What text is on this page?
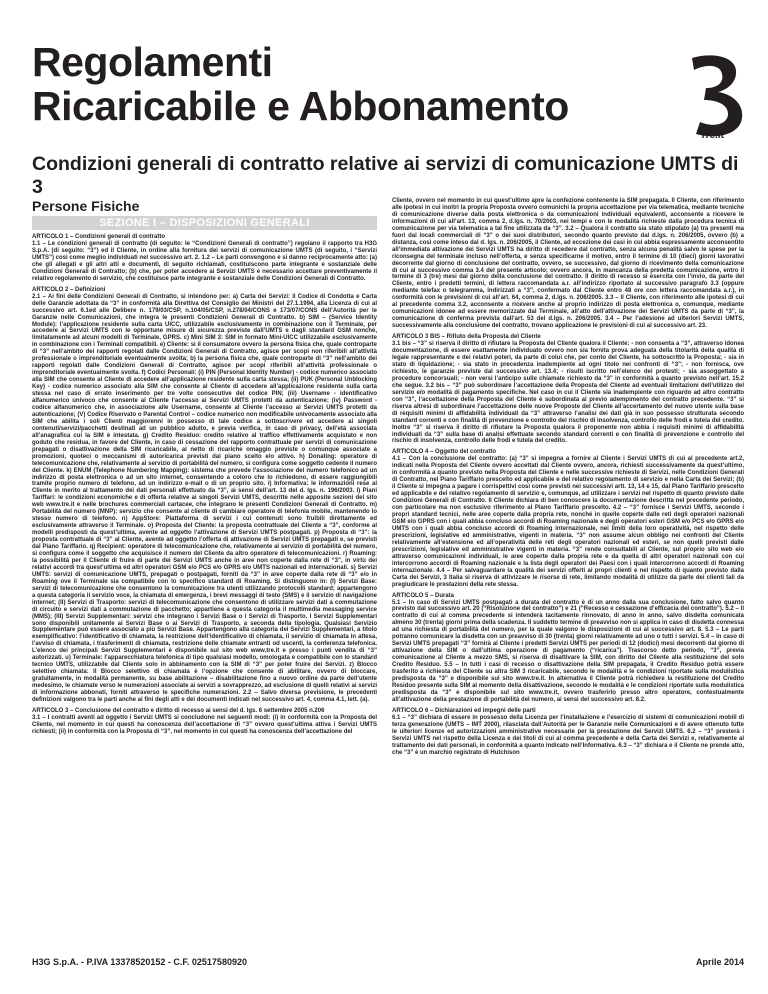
Regolamenti
Ricaricabile e Abbonamento
Tre.it
Condizioni generali di contratto relative ai servizi di comunicazione UMTS di 3
Persone Fisiche
SEZIONE I – DISPOSIZIONI GENERALI

ARTICOLO 1 – Condizioni generali di contratto

1.1 – Le condizioni generali di contratto (di seguito: le “Condizioni Generali di contratto”) regolano il rapporto tra H3G S.p.A. (di seguito: “3”) ed il Cliente, in ordine alla fornitura dei servizi di comunicazione UMTS (di seguito, i “Servizi UMTS”) così come meglio individuati nel successivo art. 2. 1.2 – Le parti convengono e si danno reciprocamente atto: (a) che gli allegati e gli altri atti e documenti, di seguito richiamati, costituiscono parte integrante e sostanziale delle Condizioni Generali di Contratto; (b) che, per poter accedere ai Servizi UMTS è necessario accettare preventivamente il relativo regolamento di servizio, che costituisce parte integrante e sostanziale delle Condizioni Generali di Contratto.

ARTICOLO 2 – Definizioni

2.1 – Ai fini delle Condizioni Generali di Contratto, si intendono per: a) Carta dei Servizi: il Codice di Condotta e Carta delle Garanzie adottata da “3” in conformità alla Direttiva del Consiglio dei Ministri del 27.1.1994, alla Licenza di cui al successivo art. 6.1ed alle Delibere n. 179/03/CSP, n.104/05/CSP, n.278/04/CONS e 173/07/CONS dell’Autorità per le Garanzie nelle Comunicazioni, che integra le presenti Condizioni Generali di Contratto. b) SIM – (Service Identity Module): l’applicazione residente sulla carta UICC, utilizzabile esclusivamente in combinazione con il Terminale, per accedere ai Servizi UMTS con le opportune misure di sicurezza previste dall’UMTS e dagli standard GSM nonché, limitatamente ad alcuni modelli di Terminale, GPRS. c) Mini SIM 3: SIM in formato Mini-UICC utilizzabile esclusivamente in combinazione con i Terminali compatibili. e) Cliente: sì il consumatore ovvero la persona fisica che, quale controparte di “3” nell’ambito dei rapporti regolati dalle Condizioni Generali di Contratto, agisce per scopi non riferibili all’attività professionale o imprenditoriale eventualmente svolta; b) la persona fisica che, quale controparte di “3” nell’ambito dei rapporti regolati dalle Condizioni Generali di Contratto, agisce per scopi riferibili all’attività professionale o imprenditoriale eventualmente svolta. f) Codici Personali: (i) PIN (Personal Identity Number) - codice numerico associato alla SIM che consente al Cliente di accedere all’applicazione residente sulla carta stessa; (ii) PUK (Personal Unblocking Key) - codice numerico associato alla SIM che consente al Cliente di accedere all’applicazione residente sulla carta stessa nel caso di errato inserimento per tre volte consecutive del codice PIN; (iii) Username - identificativo alfanumerico univoco che consente al Cliente l’accesso ai Servizi UMTS protetti da autenticazione; (iv) Password - codice alfanumerico che, in associazione alle Username, consente al Cliente l’accesso ai Servizi UMTS protetti da autenticazione; (V) Codice Riservato o Parental Control – codice numerico non modificabile univocamente associato alla SIM che abilita i soli Clienti maggiorenni in possesso di tale codice a sottoscrivere ed accedere ai singoli contenuti/servizi/pacchetti destinati ad un pubblico adulto, e previa verifica, in caso di privacy, dell’età associata all’anagrafica cui la SIM è intestata. g) Credito Residuo: credito relativo al traffico effettivamente acquistato e non goduto che residua, in favore del Cliente, in caso di cessazione del rapporto contrattuale per servizi di comunicazione prepagati o disattivazione della SIM ricaricabile, al netto di ricariche omaggio previste o comunque associate a promozioni, quoteci o meccanismi di autoricarica previsti dal piano scelto e/o attivo. h) Donating: operatore di telecomunicazione che, relativamente al servizio di portabilità del numero, si configura come soggetto cedente il numero del Cliente. k) ENUM (Telephone Numbering Mapping): sistema che prevede l’associazione del numero telefonico ad un indirizzo di posta elettronica o ad un sito internet, consentendo a coloro che lo richiedono, di essere raggiungibili tramite proprio numero di telefono, ad un indirizzo e-mail o di un proprio sito. i) Informativa: le informazioni rese al Cliente in merito al trattamento dei dati personali effettuato da “3”, ai sensi dell’art. 13 del d. lgs. n. 196/2003. l) Piani Tariffari: le condizioni economiche e di offerta relative ai singoli Servizi UMTS, descritte nelle apposite sezioni del sito web www.tre.it e nelle brochures commerciali cartacee, che integrano le presenti Condizioni Generali di Contratto. m) Portabilità del numero (MNP): servizio che consente al cliente di cambiare operatore di telefonia mobile, mantenendo lo stesso numero di telefono. n) AppStore: Piattaforma di servizi i cui contenuti sono fruibili direttamente ed esclusivamente attraverso il Terminale. o) Proposta del Cliente: la proposta contrattuale del Cliente a “3”, conforme al modelli predisposti da quest’ultima, avente ad oggetto l’attivazione di Servizi UMTS postpagati. p) Proposta di “3”: la proposta contrattuale di “3” al Cliente, avente ad oggetto l’offerta di attivazione di Servizi UMTS prepagati e, se previsti dal Piano Tariffario. q) Recipient: operatore di telecomunicazione che, relativamente al servizio di portabilità del numero, si configura come il soggetto che acquisisce il numero del Cliente da altro operatore di telecomunicazioni. r) Roaming: la possibilità per il Cliente di fruire di parte dei Servizi UMTS anche in aree non coperte dalla rete di “3”, in virtù dei relativi accordi tra quest’ultima ed altri operatori GSM e/o PCS e/o GPRS e/o UMTS nazionali ed internazionali. s) Servizi UMTS: servizi di comunicazione UMTS, prepagati o postpagati, forniti da “3” in aree coperte dalla rete di “3” e/o in Roaming ove il Terminale sia compatibile con lo specifico standard di Roaming. Si distinguono in: (I) Servizi Base: servizi di telecomunicazione che consentono la comunicazione tra utenti utilizzando protocolli standard; appartengono a questa categoria il servizio voce, la chiamata di emergenza, i brevi messaggi di testo (SMS) e il servizio di navigazione internet; (II) Servizi di Trasporto: servizi di telecomunicazione che consentono di utilizzare servizi dati a commutazione di circuito e servizi dati a commutazione di pacchetto; appartiene a questa categoria il multimedia messaging service (MMS); (III) Servizi Supplementari: servizi che integrano i Servizi Base o i Servizi di Trasporto. I Servizi Supplementari sono disponibili unitamente ai Servizi Base o ai Servizi di Trasporto, a seconda della tipologia. Qualsiasi Servizio Supplementare può essere associato a più Servizi Base. Appartengono alla categoria dei Servizi Supplementari, a titolo esemplificativo: l’identificativo di chiamata, la restrizione dell’identificativo di chiamata, il servizio di chiamata in attesa, l’avviso di chiamata, i trasferimenti di chiamata, restrizione delle chiamate entranti od uscenti, la conferenza telefonica. L’elenco dei principali Servizi Supplementari è disponibile sul sito web www.tre.it e presso i punti vendita di “3” autorizzati. u) Terminale: l’apparecchiatura telefonica di tipo qualsiasi modello, omologata e compatibile con lo standard tecnico UMTS, utilizzabile dal Cliente solo in abbinamento con la SIM di “3” per poter fruire dei Servizi. z) Blocco selettivo chiamata: Il Blocco selettivo di chiamata è l’opzione che consente di abilitare, ovvero di bloccare, gratuitamente, in modalità permanente, su base abilitazione – disabilitazione fino a nuovo ordine da parte dell’utente medesimo, le chiamate verso le numerazioni associate ai servizi a sovrapprezzo, ad esclusione di quelli relativi ai servizi di informazione abbonati, forniti attraverso le specifiche numerazioni. 2.2 – Salvo diversa previsione, le precedenti definizioni valgono tra le parti anche ai fini degli atti e dei documenti indicati nel successivo art. 4, comma 4.1, lett. (a).

ARTICOLO 3 – Conclusione del contratto e diritto di recesso ai sensi del d. lgs. 6 settembre 2005 n.206

3.1 – I contratti aventi ad oggetto i Servizi UMTS si concludono nei seguenti modi: (i) in conformità con la Proposta del Cliente, nel momento in cui questi ha conoscenza dell’accettazione di “3” ovvero quest’ultima attiva i Servizi UMTS richiesti; (ii) in conformità con la Proposta di “3”, nel momento in cui questi ha conoscenza dell’accettazione del

Cliente, ovvero nel momento in cui quest’ultimo apre la confezione contenente la SIM prepagata. Il Cliente, con riferimento alle ipotesi in cui inoltri la propria Proposta ovvero comunichi la propria accettazione per via telematica, mediante tecniche di comunicazione diverse dalla posta elettronica o da comunicazioni individuali equivalenti, acconsente a ricevere le informazioni di cui all’art. 13, comma 2, d.lgs. n. 70/2003, nei tempi e con le modalità richieste dalla procedura tecnica di comunicazione per via telematica a tal fine utilizzata da “3”. 3.2 – Qualora il contratto sia stato stipulato (a) tra presenti ma fuori dai locali commerciali di “3” o dei suoi distributori, secondo quanto previsto dal d.lgs. n. 206/2005, ovvero (b) a distanza, così come inteso dal d. lgs. n. 206/2005, il Cliente, ad eccezione dei casi in cui abbia espressamente acconsentito all’immediata attivazione dei Servizi UMTS ha diritto di recedere dal contratto, senza alcuna penalità salvo le spese per la riconsegna del terminale incluso nell’offerta, e senza specificarne il motivo, entro il termine di 10 (dieci) giorni lavorativi decorrente dal giorno di conclusione del contratto, ovvero, se successivo, dal giorno di ricevimento della comunicazione di cui al successivo comma 3.4 del presente articolo; ovvero ancora, in mancanza della predetta comunicazione, entro il termine di 3 (tre) mesi dal giorno della conclusione del contratto. Il diritto di recesso si esercita con l’invio, da parte del Cliente, entro i predetti termini, di lettera raccomandata a.r. all’indirizzo riportato al successivo paragrafo 3.3 (oppure mediante telefax o telegramma, indirizzati a “3”, confermato dal Cliente entro 48 ore con lettera raccomandata a.r.), in conformità con le previsioni di cui all’art. 64, comma 2, d.lgs. n. 206/2005. 3.3 – Il Cliente, con riferimento alle ipotesi di cui al precedente comma 3.2, acconsente a ricevere anche al proprio indirizzo di posta elettronica o, comunque, mediante comunicazioni idonee ad essere memorizzate dal Terminale, all’atto dell’attivazione dei Servizi UMTS da parte di “3”, la comunicazione di conferma prevista dall’art. 53 del d.lgs. n. 206/2005. 3.4 – Per l’adesione ad ulteriori Servizi UMTS, successivamente alla conclusione del contratto, trovano applicazione le previsioni di cui al successivo art. 23.

ARTICOLO 3 BIS – Rifiuto della Proposta del Cliente

3.1 bis – “3” si riserva il diritto di rifiutare la Proposta del Cliente qualora il Cliente: - non consenta a “3”, attraverso idonea documentazione, di essere esattamente individuato ovvero non sia fornita prova adeguata della titolarità della qualità di legale rappresentante e dei relativi poteri, da parte di colui che, per conto del Cliente, ha sottoscritto la Proposta; - sia in stato di liquidazione; - sia stato in precedenza inadempiente ad ogni titolo nei confronti di “3”; - non fornisca, ove richiesto, le garanzie previste dal successivo art. 13.4; - risulti iscritto nell’elenco dei protesti; - sia assoggettato a procedure concorsuali; - non versi l’anticipo sulle chiamate richiesto da “3” in conformità a quanto previsto nell’art. 15.2 che segue. 3.2 bis – “3” può subordinare l’accettazione della Proposta del Cliente ad eventuali limitazioni dell’utilizzo del servizio e/o modalità di pagamento specifiche. Nel caso in cui il Cliente sia inadempiente con riguardo ad altro contratto con “3”, l’accettazione della Proposta del Cliente è subordinata al previo adempimento del contratto precedente. “3” si riserva altresì di subordinare l’accettazione delle nuove Proposte del Cliente all’accertamento del nuovo utente sulla base di requisiti minimi di affidabilità individuati da “3” attraverso l’analisi dei dati già in suo possesso strutturata secondo standard correnti e con finalità di prevenzione e controllo del rischio di insolvenza, controllo delle frodi e tutela del credito. Inoltre “3” si riserva il diritto di rifiutare la Proposta qualora il proponente non abbia i requisiti minimi di affidabilità individuati da “3” sulla base di analisi effettuate secondo standard correnti e con finalità di prevenzione e controllo del rischio di insolvenza, controllo delle frodi e tutela del credito.

ARTICOLO 4 – Oggetto del contratto

4.1 – Con la conclusione del contratto: (a) “3” si impegna a fornire al Cliente i Servizi UMTS di cui al precedente art.2, indicati nella Proposta del Cliente ovvero accettati dal Cliente ovvero, ancora, richiesti successivamente da quest’ultimo, in conformità a quanto previsto nella Proposta del Cliente e nelle successive richieste di Servizi, nelle Condizioni Generali di Contratto, nel Piano Tariffario prescelto ed applicabile e del relativo regolamento di servizio e nella Carta dei Servizi; (b) il Cliente si impegna a pagare i corrispettivi così come previsti nei successivi artt. 13, 14 e 15, dal Piano Tariffario prescelto ed applicabile e del relativo regolamento di servizio e, comunque, ad utilizzare i servizi nel rispetto di quanto previsto dalle Condizioni Generali di Contratto. Il Cliente dichiara di ben conoscere la documentazione descritta nel precedente periodo, con particolare ma non esclusivo riferimento al Piano Tariffario prescelto. 4.2 – “3” fornisce i Servizi UMTS, secondo i propri standard tecnici, nelle aree coperte dalla propria rete, nonché in quelle coperte dalle reti degli operatori nazionali GSM e/o GPRS con i quali abbia concluso accordi di Roaming nazionale e degli operatori esteri GSM e/o PCS e/o GPRS e/o UMTS con i quali abbia concluso accordi di Roaming internazionale, nei limiti della loro operatività, nel rispetto delle prescrizioni, legislative ed amministrative, vigenti in materia. “3” non assume alcun obbligo nei confronti del Cliente relativamente all’estensione ed all’operatività delle reti degli operatori nazionali ed esteri, se non quelli previsti dalle prescrizioni, legislative ed amministrative vigenti in materia. “3” rende consultabili al Cliente, sul proprio sito web e/o attraverso comunicazioni individuali, le aree coperte dalla propria rete e da quella di altri operatori nazionali con cui intercorrono accordi di Roaming nazionale e la lista degli operatori dei Paesi con i quali intercorrono accordi di Roaming internazionale. 4.4 – Per salvaguardare la qualità dei servizi offerti ai propri clienti e nel rispetto di quanto previsto dalla Carta dei Servizi, 3 Italia si riserva di attivizzare le risorse di rete, limitando modalità di utilizzo da parte dei clienti tali da pregiudicare le prestazioni della rete stessa.

ARTICOLO 5 – Durata

5.1 – In caso di Servizi UMTS postpagati a durata del contratto è di un anno dalla sua conclusione, fatto salvo quanto previsto dal successivo art. 20 (“Risoluzione del contratto”) e 21 (“Recesso e cessazione d’efficacia del contratto”). 5.2 – Il contratto di cui al comma precedente si intenderà tacitamente rinnovato, di anno in anno, salvo disdetta comunicata almeno 30 (trenta) giorni prima della scadenza. Il suddetto termine di preavviso non si applica in caso di disdetta connessa ad una richiesta di portabilità del numero, per la quale valgono le disposizioni di cui al successivo art. 8. 5.3 – Le parti potranno comunicare la disdetta con un preavviso di 30 (trenta) giorni relativamente ad uno o tutti i servizi. 5.4 – In caso di Servizi UMTS prepagati “3” fornirà al Cliente i predetti Servizi UMTS per periodi di 12 (dodici) mesi decorrenti dal giorno di attivazione della SIM o dall’ultima operazione di pagamento (“ricarica”). Trascorso detto periodo, “3”, previa comunicazione al Cliente a mezzo SMS, si riserva di disattivare la SIM, con diritto del Cliente alla restituzione del solo Credito Residuo. 5.5 – In tutti i casi di recesso o disattivazione della SIM prepagata, il Credito Residuo potrà essere trasferito a richiesta del Cliente su altra SIM 3 ricaricabile, secondo le modalità e le condizioni riportate sulla modulistica predisposta da “3” e disponibile sul sito www.tre.it. In alternativa il Cliente potrà richiedere la restituzione del Credito Residuo presente sulla SIM al momento della disattivazione, secondo le modalità e le condizioni riportate sulla modulistica predisposta da “3” e disponibile sul sito www.tre.it, ovvero trasferirlo presso altro operatore, contestualmente all’attivazione della prestazione di portabilità del numero, ai sensi del successivo art. 8.2.

ARTICOLO 6 – Dichiarazioni ed impegni delle parti

6.1 – “3” dichiara di essere in possesso della Licenza per l’installazione e l’esercizio di sistemi di comunicazioni mobili di terza generazione (UMTS – IMT 2000), rilasciata dall’Autorità per le Garanzie nelle Comunicazioni e di avere ottenuto tutte le ulteriori licenze ed autorizzazioni amministrative necessarie per la prestazione dei Servizi UMTS. 6.2 – “3” presterà i Servizi UMTS nel rispetto della Licenza e dei titoli di cui al comma precedente e della Carta dei Servizi e, relativamente al trattamento dei dati personali, in conformità a quanto indicato nell’Informativa. 6.3 – “3” dichiara e il Cliente ne prende atto, che “3” è un marchio registrato di Hutchison

H3G S.p.A. - P.IVA 13378520152 - C.F. 02517580920	Aprile 2014
